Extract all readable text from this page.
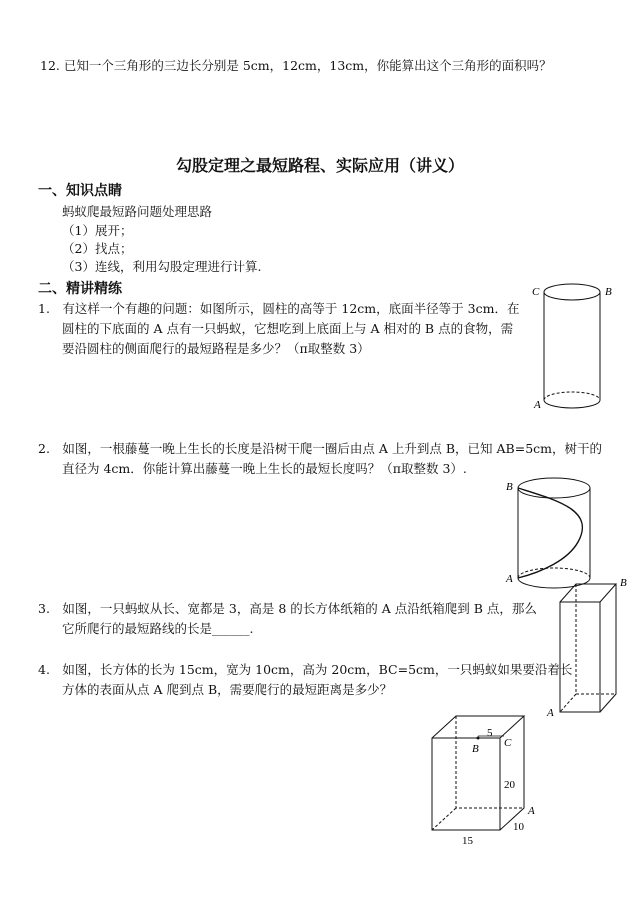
12. 已知一个三角形的三边长分别是 5cm，12cm，13cm，你能算出这个三角形的面积吗？
勾股定理之最短路程、实际应用（讲义）
一、知识点睛
蚂蚁爬最短路问题处理思路
（1）展开；
（2）找点；
（3）连线，利用勾股定理进行计算.
二、精讲精练
1.　有这样一个有趣的问题：如图所示，圆柱的高等于 12cm，底面半径等于 3cm．在
圆柱的下底面的 A 点有一只蚂蚁，它想吃到上底面上与 A 相对的 B 点的食物，需
要沿圆柱的侧面爬行的最短路程是多少？（π取整数 3）
2.　如图，一根藤蔓一晚上生长的长度是沿树干爬一圈后由点 A 上升到点 B，已知 AB=5cm，树干的
直径为 4cm．你能计算出藤蔓一晚上生长的最短长度吗？（π取整数 3）.
3.　如图，一只蚂蚁从长、宽都是 3，高是 8 的长方体纸箱的 A 点沿纸箱爬到 B 点，那么
它所爬行的最短路线的长是______.
4.　如图，长方体的长为 15cm，宽为 10cm，高为 20cm，BC=5cm，一只蚂蚁如果要沿着长
方体的表面从点 A 爬到点 B，需要爬行的最短距离是多少？
C	B
A
B
A	B
A
B C
A
5
20
15
10
